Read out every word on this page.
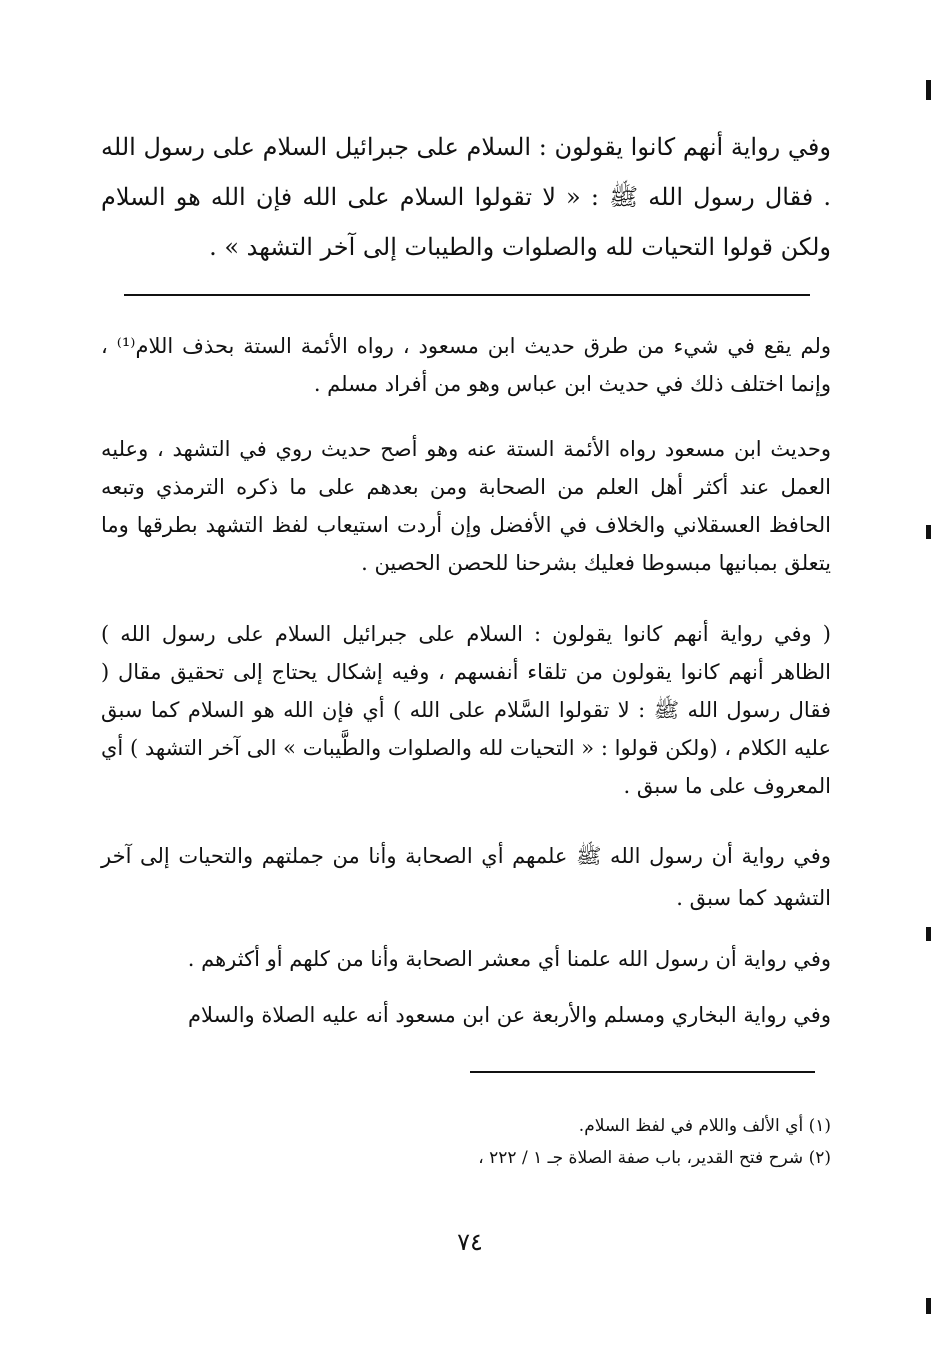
وفي رواية أنهم كانوا يقولون : السلام على جبرائيل السلام على رسول الله . فقال رسول الله ﷺ : « لا تقولوا السلام على الله فإن الله هو السلام ولكن قولوا التحيات لله والصلوات والطيبات إلى آخر التشهد » .

ولم يقع في شيء من طرق حديث ابن مسعود ، رواه الأئمة الستة بحذف اللام⁽¹⁾ ، وإنما اختلف ذلك في حديث ابن عباس وهو من أفراد مسلم .

وحديث ابن مسعود رواه الأئمة الستة عنه وهو أصح حديث روي في التشهد ، وعليه العمل عند أكثر أهل العلم من الصحابة ومن بعدهم على ما ذكره الترمذي وتبعه الحافظ العسقلاني والخلاف في الأفضل وإن أردت استيعاب لفظ التشهد بطرقها وما يتعلق بمبانيها مبسوطا فعليك بشرحنا للحصن الحصين .

( وفي رواية أنهم كانوا يقولون : السلام على جبرائيل السلام على رسول الله ) الظاهر أنهم كانوا يقولون من تلقاء أنفسهم ، وفيه إشكال يحتاج إلى تحقيق مقال ( فقال رسول الله ﷺ : لا تقولوا السَّلام على الله ) أي فإن الله هو السلام كما سبق عليه الكلام ، (ولكن قولوا : « التحيات لله والصلوات والطَّيبات » الى آخر التشهد ) أي المعروف على ما سبق .

وفي رواية أن رسول الله ﷺ علمهم أي الصحابة وأنا من جملتهم والتحيات إلى آخر التشهد كما سبق .

وفي رواية أن رسول الله علمنا أي معشر الصحابة وأنا من كلهم أو أكثرهم .

وفي رواية البخاري ومسلم والأربعة عن ابن مسعود أنه عليه الصلاة والسلام

(١) أي الألف واللام في لفظ السلام.
(٢) شرح فتح القدير، باب صفة الصلاة جـ ١ / ٢٢٢ ،
٧٤
